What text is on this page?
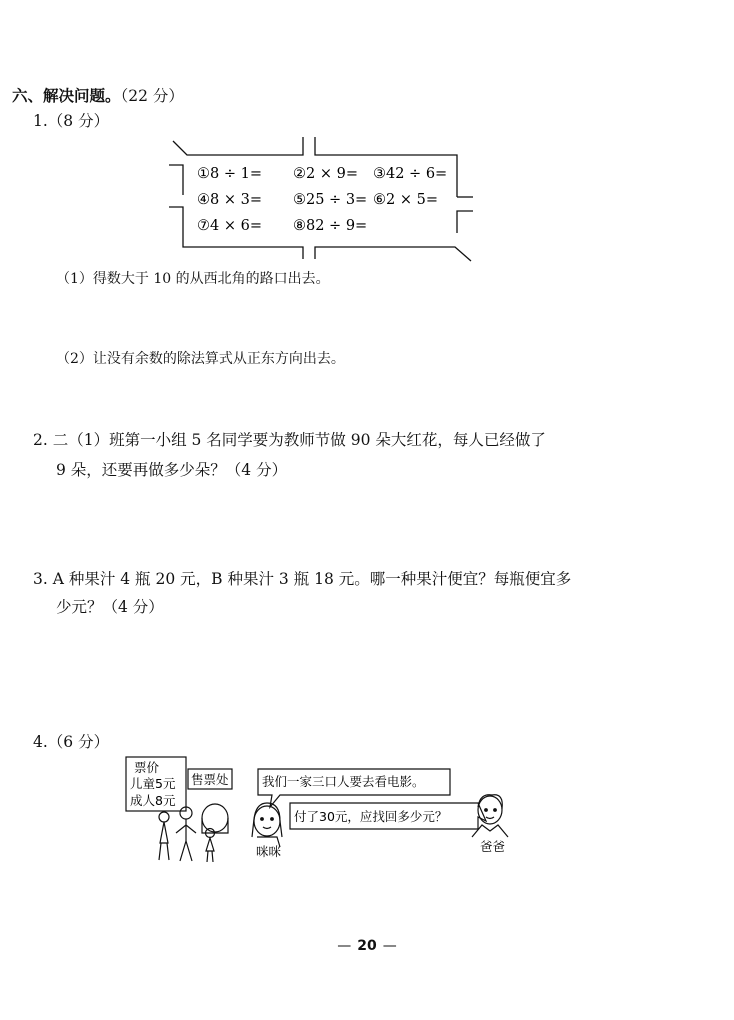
六、解决问题。（22 分）
1.（8 分）
①8 ÷ 1= ②2 × 9= ③42 ÷ 6=
④8 × 3= ⑤25 ÷ 3= ⑥2 × 5=
⑦4 × 6= ⑧82 ÷ 9=
（1）得数大于 10 的从西北角的路口出去。
（2）让没有余数的除法算式从正东方向出去。
2. 二（1）班第一小组 5 名同学要为教师节做 90 朵大红花，每人已经做了
9 朵，还要再做多少朵？（4 分）
3. A 种果汁 4 瓶 20 元，B 种果汁 3 瓶 18 元。哪一种果汁便宜？每瓶便宜多
少元？（4 分）
4.（6 分）
票价
儿童5元
成人8元
售票处	我们一家三口人要去看电影。
付了30元，应找回多少元？
咪咪	爸爸
— 20 —
